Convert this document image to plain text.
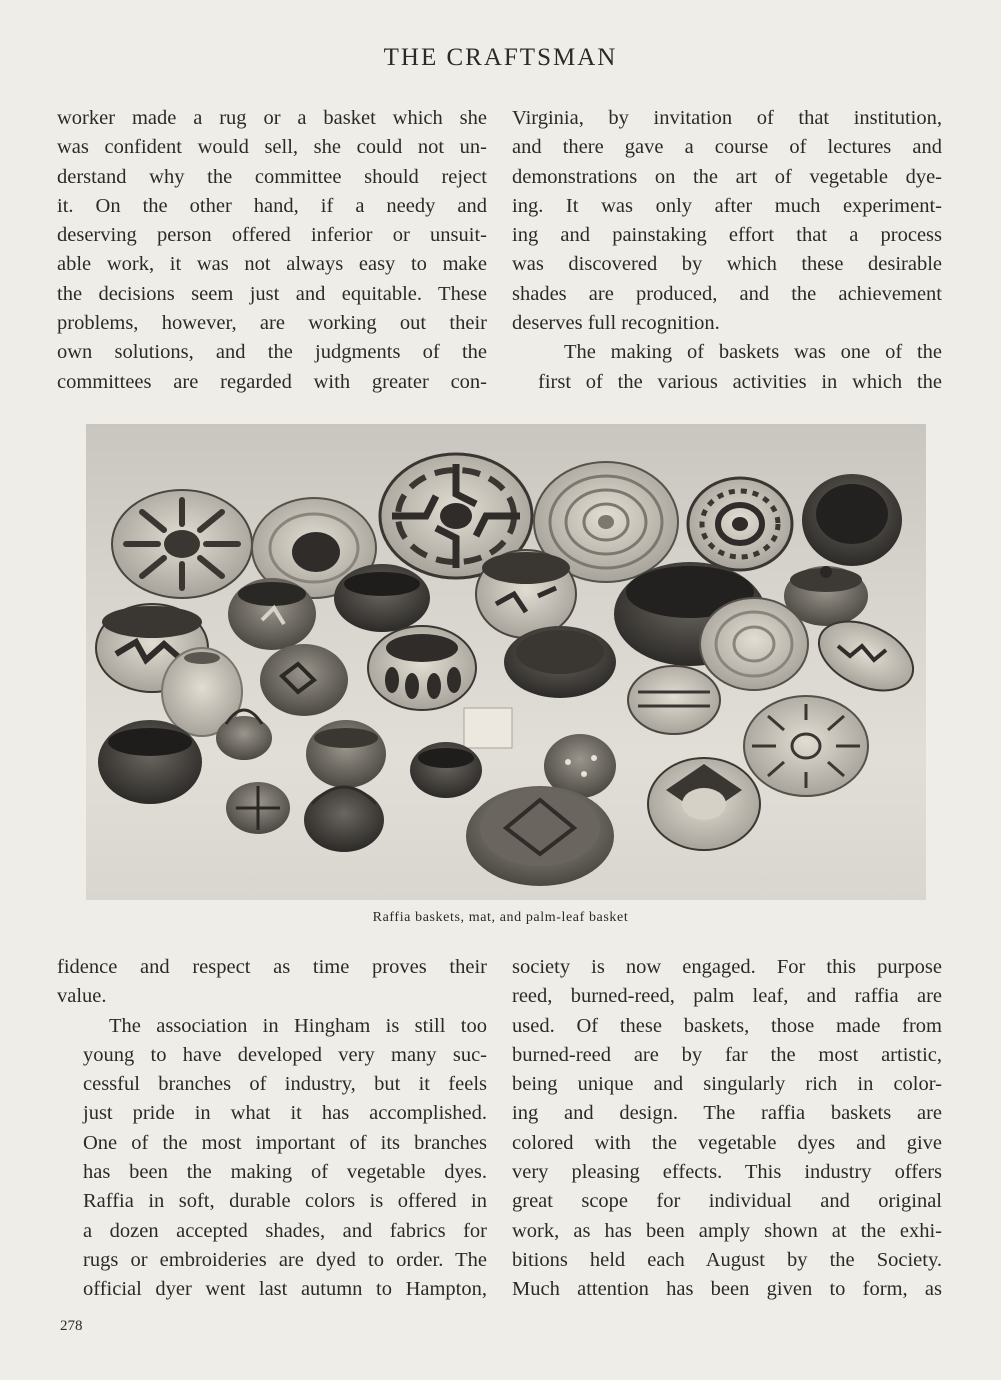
THE CRAFTSMAN

worker made a rug or a basket which she
was confident would sell, she could not un-
derstand why the committee should reject
it. On the other hand, if a needy and
deserving person offered inferior or unsuit-
able work, it was not always easy to make
the decisions seem just and equitable. These
problems, however, are working out their
own solutions, and the judgments of the
committees are regarded with greater con-

Virginia, by invitation of that institution,
and there gave a course of lectures and
demonstrations on the art of vegetable dye-
ing. It was only after much experiment-
ing and painstaking effort that a process
was discovered by which these desirable
shades are produced, and the achievement
deserves full recognition.

The making of baskets was one of the
first of the various activities in which the

Raffia baskets, mat, and palm-leaf basket

fidence and respect as time proves their
value.

The association in Hingham is still too
young to have developed very many suc-
cessful branches of industry, but it feels
just pride in what it has accomplished.
One of the most important of its branches
has been the making of vegetable dyes.
Raffia in soft, durable colors is offered in
a dozen accepted shades, and fabrics for
rugs or embroideries are dyed to order. The
official dyer went last autumn to Hampton,

society is now engaged. For this purpose
reed, burned-reed, palm leaf, and raffia are
used. Of these baskets, those made from
burned-reed are by far the most artistic,
being unique and singularly rich in color-
ing and design. The raffia baskets are
colored with the vegetable dyes and give
very pleasing effects. This industry offers
great scope for individual and original
work, as has been amply shown at the exhi-
bitions held each August by the Society.
Much attention has been given to form, as

278
